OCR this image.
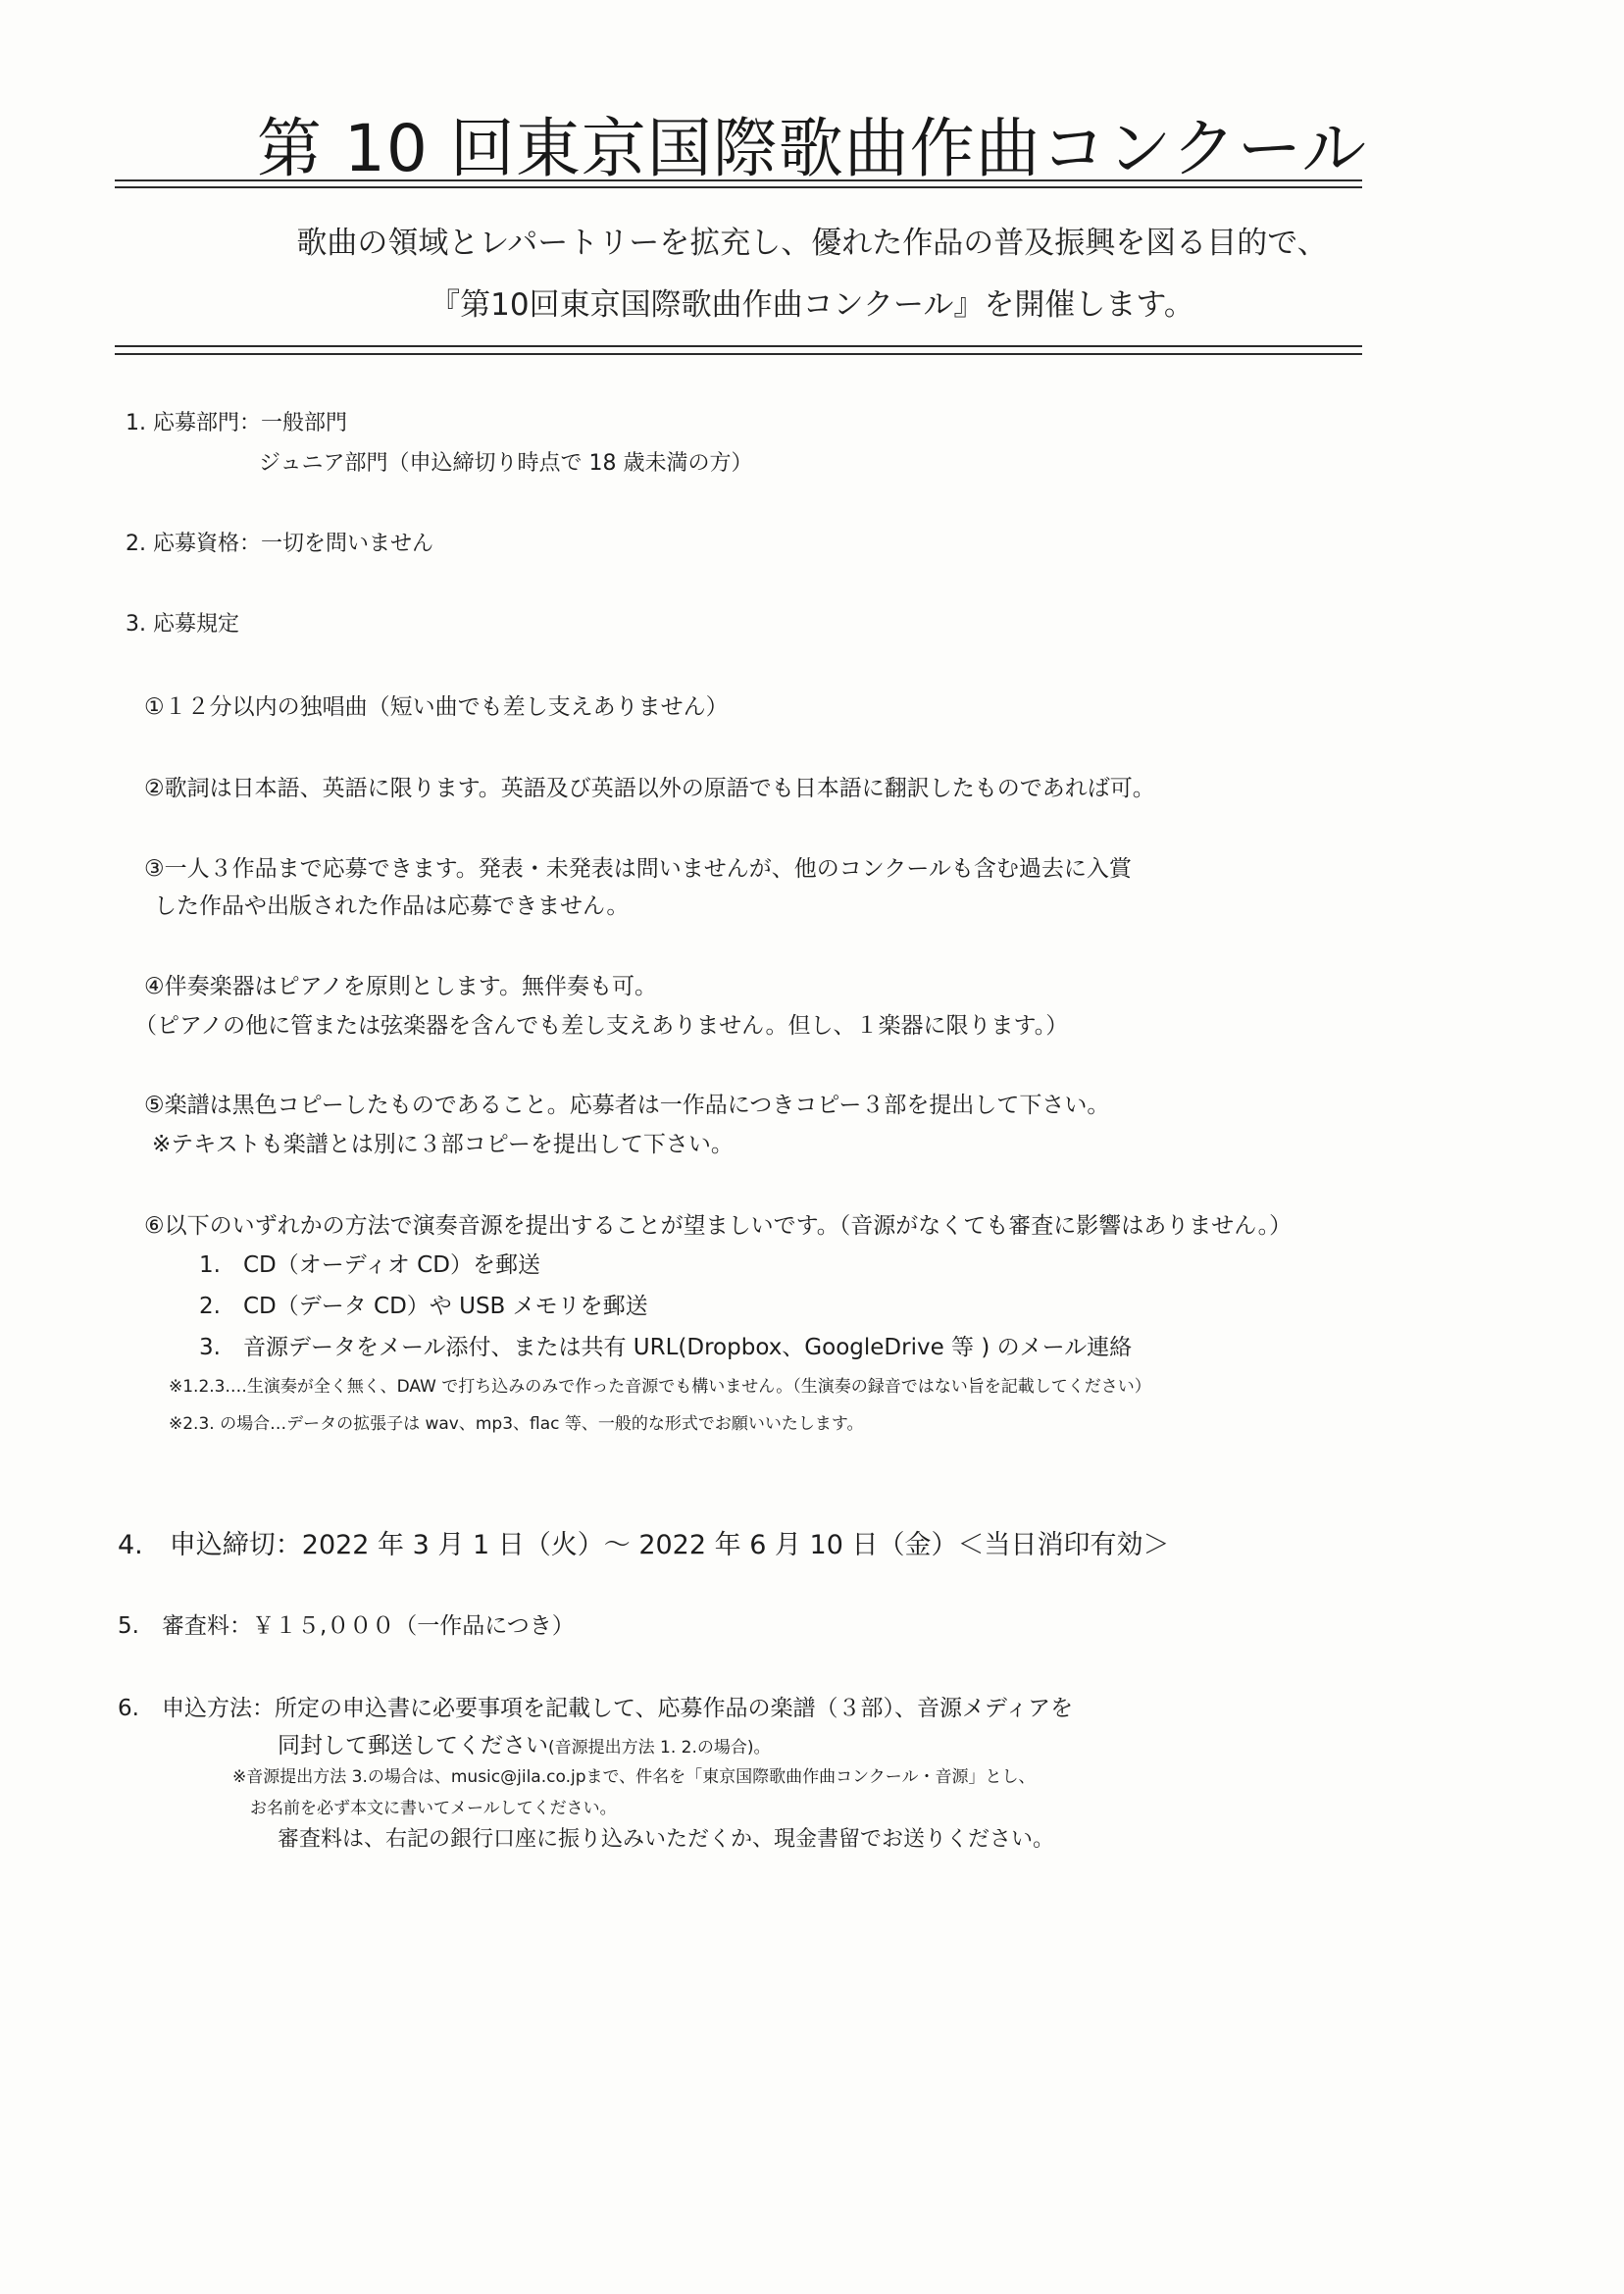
第 10 回東京国際歌曲作曲コンクール
歌曲の領域とレパートリーを拡充し、優れた作品の普及振興を図る目的で、
『第10回東京国際歌曲作曲コンクール』を開催します。
1. 応募部門：一般部門
ジュニア部門（申込締切り時点で 18 歳未満の方）
2. 応募資格：一切を問いません
3. 応募規定
①１２分以内の独唱曲（短い曲でも差し支えありません）
②歌詞は日本語、英語に限ります。英語及び英語以外の原語でも日本語に翻訳したものであれば可。
③一人３作品まで応募できます。発表・未発表は問いませんが、他のコンクールも含む過去に入賞
した作品や出版された作品は応募できません。
④伴奏楽器はピアノを原則とします。無伴奏も可。
（ピアノの他に管または弦楽器を含んでも差し支えありません。但し、１楽器に限ります。）
⑤楽譜は黒色コピーしたものであること。応募者は一作品につきコピー３部を提出して下さい。
※テキストも楽譜とは別に３部コピーを提出して下さい。
⑥以下のいずれかの方法で演奏音源を提出することが望ましいです。（音源がなくても審査に影響はありません。）
1.　CD（オーディオ CD）を郵送
2.　CD（データ CD）や USB メモリを郵送
3.　音源データをメール添付、または共有 URL(Dropbox、GoogleDrive 等 ) のメール連絡
※1.2.3.…生演奏が全く無く、DAW で打ち込みのみで作った音源でも構いません。（生演奏の録音ではない旨を記載してください）
※2.3. の場合…データの拡張子は wav、mp3、flac 等、一般的な形式でお願いいたします。
4.　申込締切：2022 年 3 月 1 日（火）～ 2022 年 6 月 10 日（金）＜当日消印有効＞
5.　審査料：￥１５,０００（一作品につき）
6.　申込方法：所定の申込書に必要事項を記載して、応募作品の楽譜（３部）、音源メディアを
同封して郵送してください(音源提出方法 1. 2.の場合)。
※音源提出方法 3.の場合は、music@jila.co.jpまで、件名を「東京国際歌曲作曲コンクール・音源」とし、
お名前を必ず本文に書いてメールしてください。
審査料は、右記の銀行口座に振り込みいただくか、現金書留でお送りください。
